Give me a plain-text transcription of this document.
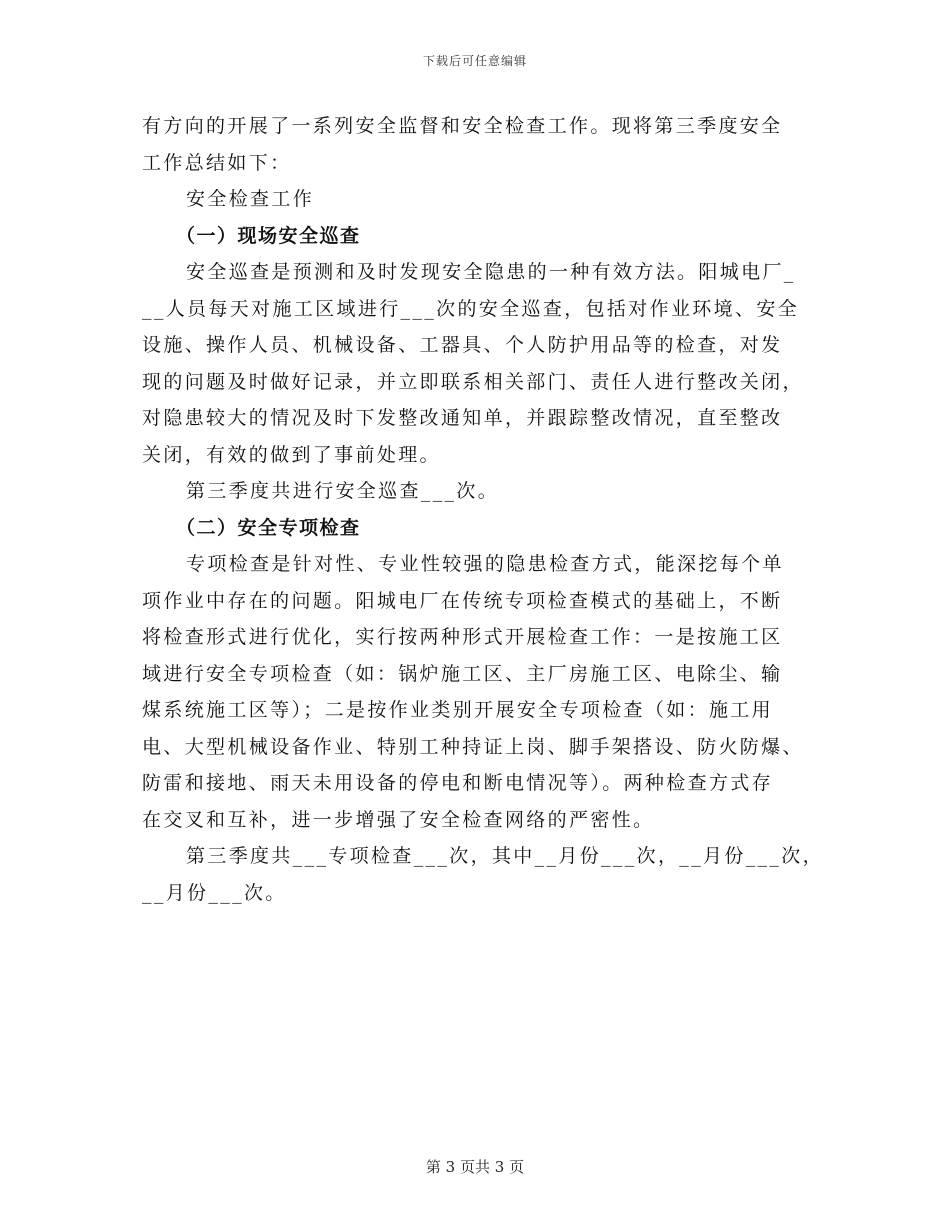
下载后可任意编辑
有方向的开展了一系列安全监督和安全检查工作。现将第三季度安全
工作总结如下：
安全检查工作
（一）现场安全巡查
安全巡查是预测和及时发现安全隐患的一种有效方法。阳城电厂_
__人员每天对施工区域进行___次的安全巡查，包括对作业环境、安全
设施、操作人员、机械设备、工器具、个人防护用品等的检查，对发
现的问题及时做好记录，并立即联系相关部门、责任人进行整改关闭，
对隐患较大的情况及时下发整改通知单，并跟踪整改情况，直至整改
关闭，有效的做到了事前处理。
第三季度共进行安全巡查___次。
（二）安全专项检查
专项检查是针对性、专业性较强的隐患检查方式，能深挖每个单
项作业中存在的问题。阳城电厂在传统专项检查模式的基础上，不断
将检查形式进行优化，实行按两种形式开展检查工作：一是按施工区
域进行安全专项检查（如：锅炉施工区、主厂房施工区、电除尘、输
煤系统施工区等）；二是按作业类别开展安全专项检查（如：施工用
电、大型机械设备作业、特别工种持证上岗、脚手架搭设、防火防爆、
防雷和接地、雨天未用设备的停电和断电情况等）。两种检查方式存
在交叉和互补，进一步增强了安全检查网络的严密性。
第三季度共___专项检查___次，其中__月份___次，__月份___次，
__月份___次。
第 3 页共 3 页
